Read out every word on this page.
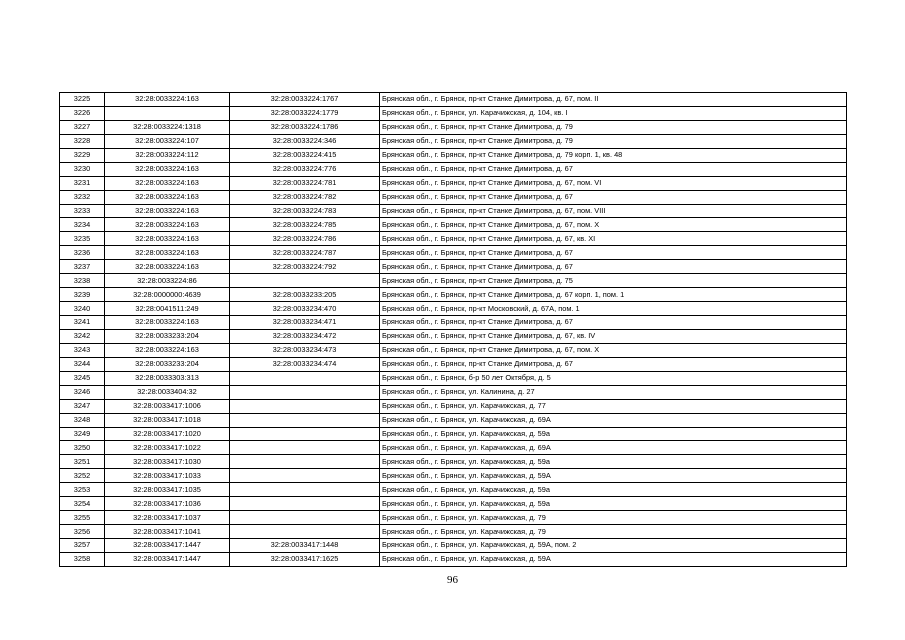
3225	32:28:0033224:163	32:28:0033224:1767	Брянская обл., г. Брянск, пр-кт Станке Димитрова, д. 67, пом. II
3226		32:28:0033224:1779	Брянская обл., г. Брянск, ул. Карачижская, д. 104, кв. I
3227	32:28:0033224:1318	32:28:0033224:1786	Брянская обл., г. Брянск, пр-кт Станке Димитрова, д. 79
3228	32:28:0033224:107	32:28:0033224:346	Брянская обл., г. Брянск, пр-кт Станке Димитрова, д. 79
3229	32:28:0033224:112	32:28:0033224:415	Брянская обл., г. Брянск, пр-кт Станке Димитрова, д. 79 корп. 1, кв. 48
3230	32:28:0033224:163	32:28:0033224:776	Брянская обл., г. Брянск, пр-кт Станке Димитрова, д. 67
3231	32:28:0033224:163	32:28:0033224:781	Брянская обл., г. Брянск, пр-кт Станке Димитрова, д. 67, пом. VI
3232	32:28:0033224:163	32:28:0033224:782	Брянская обл., г. Брянск, пр-кт Станке Димитрова, д. 67
3233	32:28:0033224:163	32:28:0033224:783	Брянская обл., г. Брянск, пр-кт Станке Димитрова, д. 67, пом. VIII
3234	32:28:0033224:163	32:28:0033224:785	Брянская обл., г. Брянск, пр-кт Станке Димитрова, д. 67, пом. X
3235	32:28:0033224:163	32:28:0033224:786	Брянская обл., г. Брянск, пр-кт Станке Димитрова, д. 67, кв. XI
3236	32:28:0033224:163	32:28:0033224:787	Брянская обл., г. Брянск, пр-кт Станке Димитрова, д. 67
3237	32:28:0033224:163	32:28:0033224:792	Брянская обл., г. Брянск, пр-кт Станке Димитрова, д. 67
3238	32:28:0033224:86		Брянская обл., г. Брянск, пр-кт Станке Димитрова, д. 75
3239	32:28:0000000:4639	32:28:0033233:205	Брянская обл., г. Брянск, пр-кт Станке Димитрова, д. 67 корп. 1, пом. 1
3240	32:28:0041511:249	32:28:0033234:470	Брянская обл., г. Брянск, пр-кт Московский, д. 67А, пом. 1
3241	32:28:0033224:163	32:28:0033234:471	Брянская обл., г. Брянск, пр-кт Станке Димитрова, д. 67
3242	32:28:0033233:204	32:28:0033234:472	Брянская обл., г. Брянск, пр-кт Станке Димитрова, д. 67, кв. IV
3243	32:28:0033224:163	32:28:0033234:473	Брянская обл., г. Брянск, пр-кт Станке Димитрова, д. 67, пом. X
3244	32:28:0033233:204	32:28:0033234:474	Брянская обл., г. Брянск, пр-кт Станке Димитрова, д. 67
3245	32:28:0033303:313		Брянская обл., г. Брянск, б-р 50 лет Октября, д. 5
3246	32:28:0033404:32		Брянская обл., г. Брянск, ул. Калинина, д. 27
3247	32:28:0033417:1006		Брянская обл., г. Брянск, ул. Карачижская, д. 77
3248	32:28:0033417:1018		Брянская обл., г. Брянск, ул. Карачижская, д. 69А
3249	32:28:0033417:1020		Брянская обл., г. Брянск, ул. Карачижская, д. 59а
3250	32:28:0033417:1022		Брянская обл., г. Брянск, ул. Карачижская, д. 69А
3251	32:28:0033417:1030		Брянская обл., г. Брянск, ул. Карачижская, д. 59а
3252	32:28:0033417:1033		Брянская обл., г. Брянск, ул. Карачижская, д. 59А
3253	32:28:0033417:1035		Брянская обл., г. Брянск, ул. Карачижская, д. 59а
3254	32:28:0033417:1036		Брянская обл., г. Брянск, ул. Карачижская, д. 59а
3255	32:28:0033417:1037		Брянская обл., г. Брянск, ул. Карачижская, д. 79
3256	32:28:0033417:1041		Брянская обл., г. Брянск, ул. Карачижская, д. 79
3257	32:28:0033417:1447	32:28:0033417:1448	Брянская обл., г. Брянск, ул. Карачижская, д. 59А, пом. 2
3258	32:28:0033417:1447	32:28:0033417:1625	Брянская обл., г. Брянск, ул. Карачижская, д. 59А
96
